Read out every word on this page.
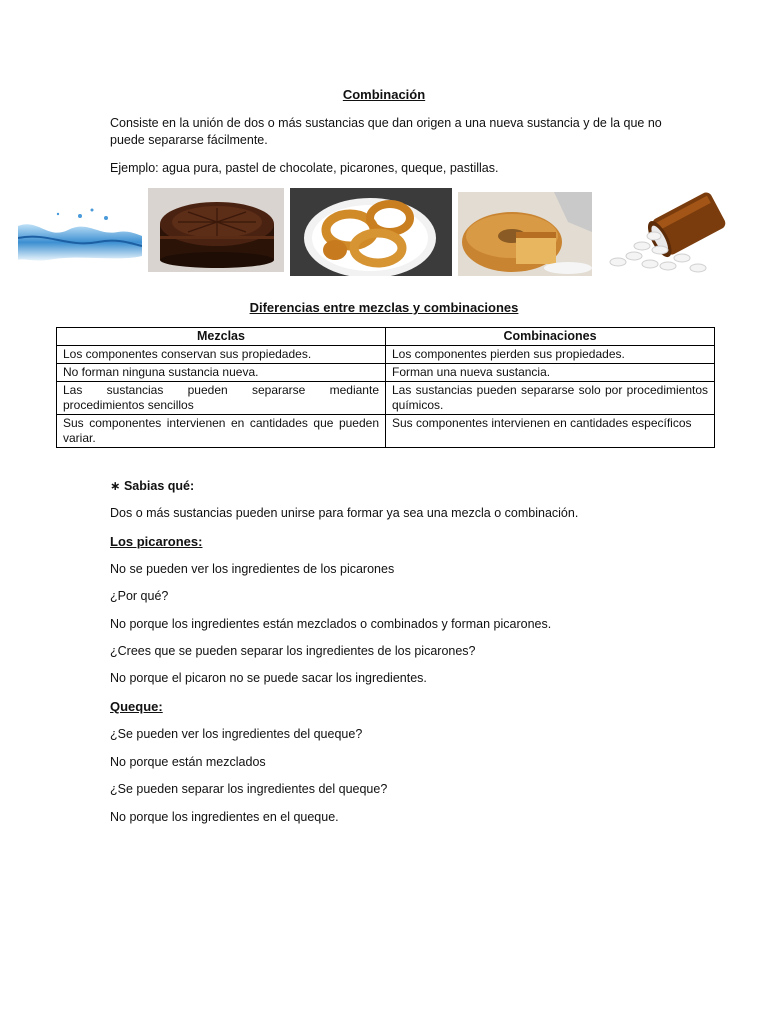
Combinación
Consiste en la unión de dos o más sustancias que dan origen a una nueva sustancia y de la que no puede separarse fácilmente.
Ejemplo: agua pura, pastel de chocolate, picarones, queque, pastillas.
Diferencias entre mezclas y combinaciones
Mezclas	Combinaciones
Los componentes conservan sus propiedades.	Los componentes pierden sus propiedades.
No forman ninguna sustancia nueva.	Forman una nueva sustancia.
Las sustancias pueden separarse mediante procedimientos sencillos	Las sustancias pueden separarse solo por procedimientos químicos.
Sus componentes intervienen en cantidades que pueden variar.	Sus componentes intervienen en cantidades específicos
∗ Sabias qué:
Dos o más sustancias pueden unirse para formar ya sea una mezcla o combinación.
Los picarones:
No se pueden ver los ingredientes de los picarones
¿Por qué?
No porque los ingredientes están mezclados o combinados y forman picarones.
¿Crees que se pueden separar los ingredientes de los picarones?
No porque el picaron no se puede sacar los ingredientes.
Queque:
¿Se pueden ver los ingredientes del queque?
No porque están mezclados
¿Se pueden separar los ingredientes del queque?
No porque los ingredientes en el queque.
